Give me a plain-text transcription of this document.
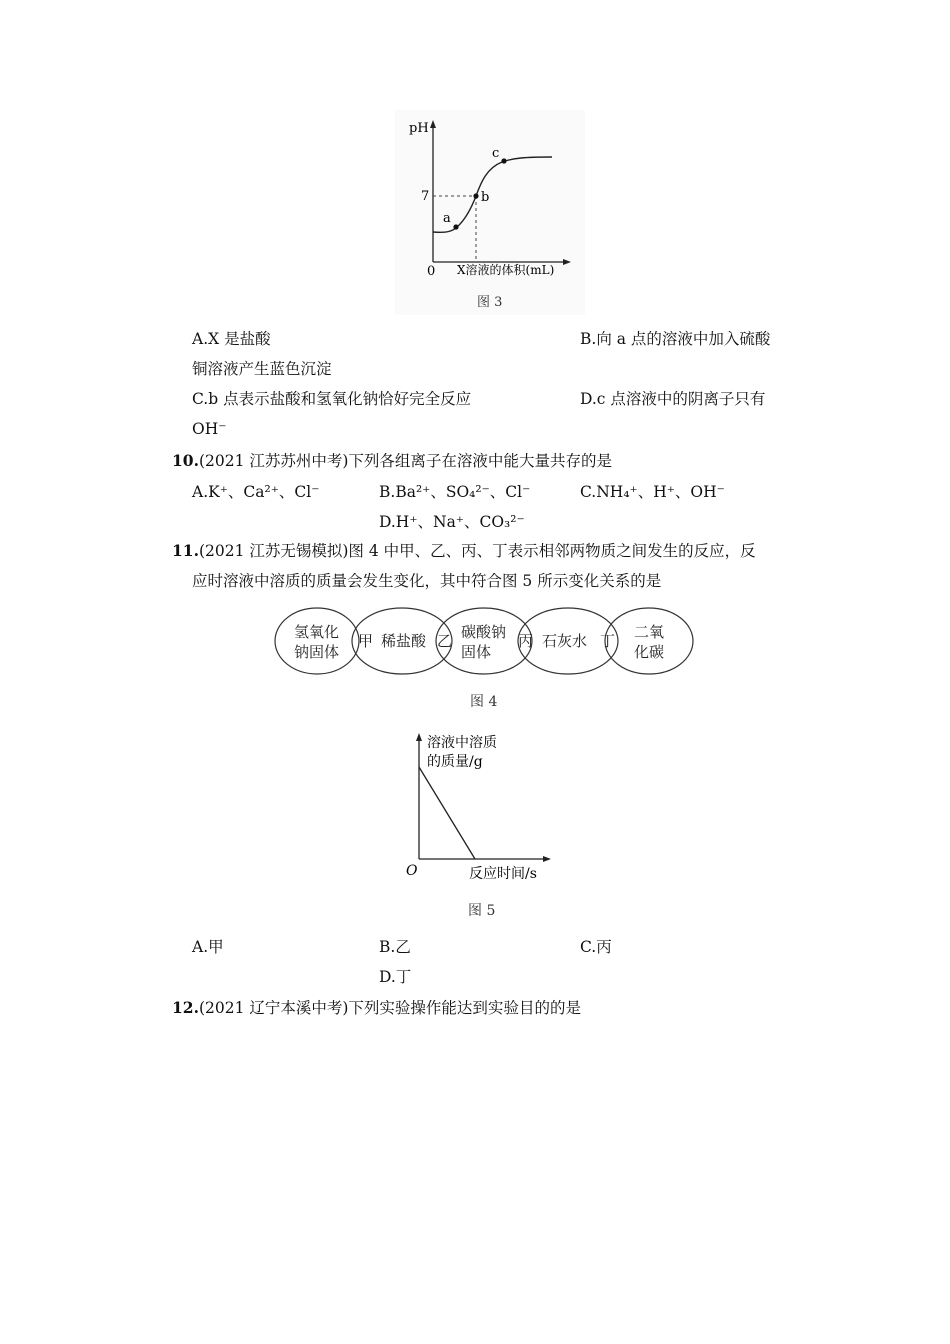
pH
7
0 X溶液的体积(mL)
a
b
c
图 3
A.X 是盐酸	B.向 a 点的溶液中加入硫酸
铜溶液产生蓝色沉淀
C.b 点表示盐酸和氢氧化钠恰好完全反应	D.c 点溶液中的阴离子只有
OH⁻
10.(2021 江苏苏州中考)下列各组离子在溶液中能大量共存的是
A.K⁺、Ca²⁺、Cl⁻	B.Ba²⁺、SO₄²⁻、Cl⁻	C.NH₄⁺、H⁺、OH⁻
D.H⁺、Na⁺、CO₃²⁻
11.(2021 江苏无锡模拟)图 4 中甲、乙、丙、丁表示相邻两物质之间发生的反应，反
应时溶液中溶质的质量会发生变化，其中符合图 5 所示变化关系的是
氢氧化
钠固体
稀盐酸 碳酸钠
固体
石灰水	二氧
化碳
甲	乙	丙	丁
图 4
溶液中溶质
的质量/g
O	反应时间/s
图 5
A.甲	B.乙	C.丙
D.丁
12.(2021 辽宁本溪中考)下列实验操作能达到实验目的的是
